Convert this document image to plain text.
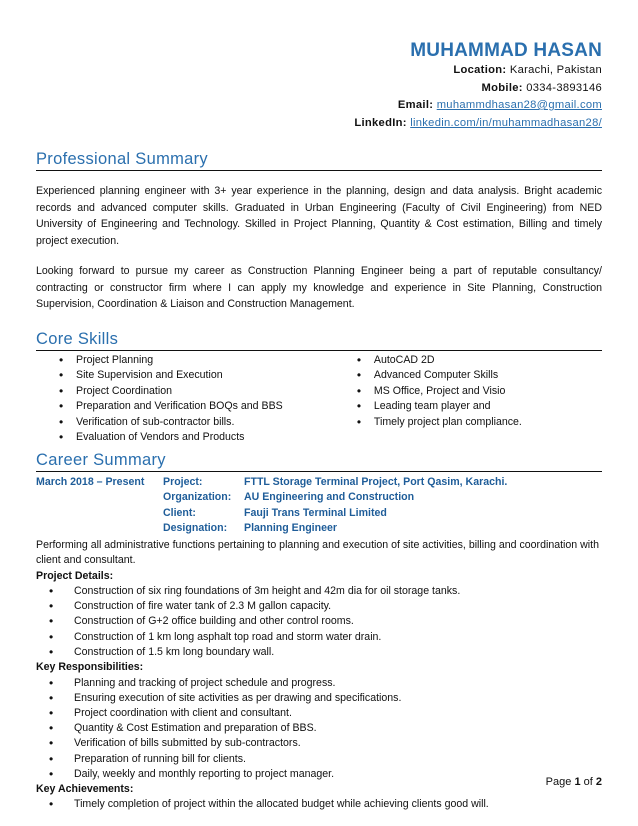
MUHAMMAD HASAN
Location: Karachi, Pakistan
Mobile: 0334-3893146
Email: muhammdhasan28@gmail.com
LinkedIn: linkedin.com/in/muhammadhasan28/
Professional Summary

Experienced planning engineer with 3+ year experience in the planning, design and data analysis. Bright academic records and advanced computer skills. Graduated in Urban Engineering (Faculty of Civil Engineering) from NED University of Engineering and Technology. Skilled in Project Planning, Quantity & Cost estimation, Billing and timely project execution.

Looking forward to pursue my career as Construction Planning Engineer being a part of reputable consultancy/ contracting or constructor firm where I can apply my knowledge and experience in Site Planning, Construction Supervision, Coordination & Liaison and Construction Management.

Core Skills
• Project Planning
• Site Supervision and Execution
• Project Coordination
• Preparation and Verification BOQs and BBS
• Verification of sub-contractor bills.
• Evaluation of Vendors and Products
• AutoCAD 2D
• Advanced Computer Skills
• MS Office, Project and Visio
• Leading team player and
• Timely project plan compliance.
Career Summary
March 2018 – Present	Project:	FTTL Storage Terminal Project, Port Qasim, Karachi.
Organization:	AU Engineering and Construction
Client:	Fauji Trans Terminal Limited
Designation:	Planning Engineer

Performing all administrative functions pertaining to planning and execution of site activities, billing and coordination with client and consultant.

Project Details:
• Construction of six ring foundations of 3m height and 42m dia for oil storage tanks.
• Construction of fire water tank of 2.3 M gallon capacity.
• Construction of G+2 office building and other control rooms.
• Construction of 1 km long asphalt top road and storm water drain.
• Construction of 1.5 km long boundary wall.
Key Responsibilities:
• Planning and tracking of project schedule and progress.
• Ensuring execution of site activities as per drawing and specifications.
• Project coordination with client and consultant.
• Quantity & Cost Estimation and preparation of BBS.
• Verification of bills submitted by sub-contractors.
• Preparation of running bill for clients.
• Daily, weekly and monthly reporting to project manager.
Key Achievements:
• Timely completion of project within the allocated budget while achieving clients good will.
Page 1 of 2
